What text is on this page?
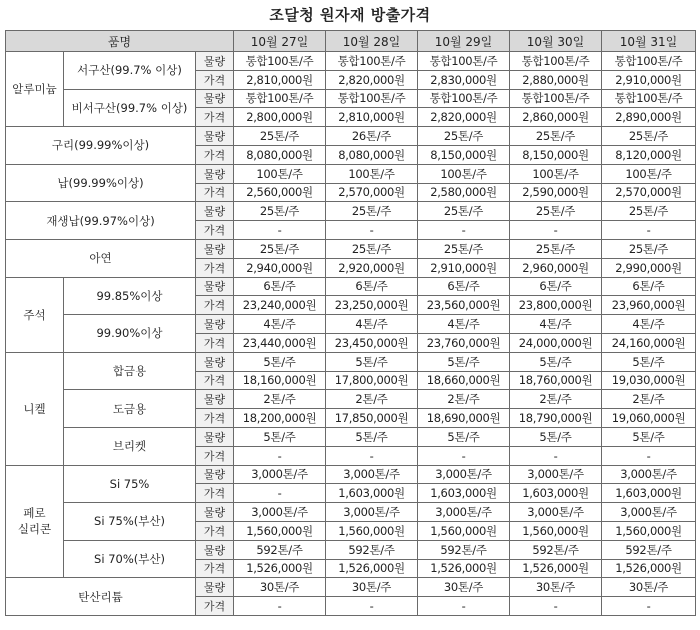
조달청 원자재 방출가격
품명			10월 27일	10월 28일	10월 29일	10월 30일	10월 31일
알루미늄	서구산(99.7% 이상)	물량	통합100톤/주	통합100톤/주	통합100톤/주	통합100톤/주	통합100톤/주
		가격	2,810,000원	2,820,000원	2,830,000원	2,880,000원	2,910,000원
	비서구산(99.7% 이상)	물량	통합100톤/주	통합100톤/주	통합100톤/주	통합100톤/주	통합100톤/주
		가격	2,800,000원	2,810,000원	2,820,000원	2,860,000원	2,890,000원
구리(99.99%이상)		물량	25톤/주	26톤/주	25톤/주	25톤/주	25톤/주
		가격	8,080,000원	8,080,000원	8,150,000원	8,150,000원	8,120,000원
납(99.99%이상)		물량	100톤/주	100톤/주	100톤/주	100톤/주	100톤/주
		가격	2,560,000원	2,570,000원	2,580,000원	2,590,000원	2,570,000원
재생납(99.97%이상)		물량	25톤/주	25톤/주	25톤/주	25톤/주	25톤/주
		가격	-	-	-	-	-
아연		물량	25톤/주	25톤/주	25톤/주	25톤/주	25톤/주
		가격	2,940,000원	2,920,000원	2,910,000원	2,960,000원	2,990,000원
주석	99.85%이상	물량	6톤/주	6톤/주	6톤/주	6톤/주	6톤/주
		가격	23,240,000원	23,250,000원	23,560,000원	23,800,000원	23,960,000원
	99.90%이상	물량	4톤/주	4톤/주	4톤/주	4톤/주	4톤/주
		가격	23,440,000원	23,450,000원	23,760,000원	24,000,000원	24,160,000원
니켈	합금용	물량	5톤/주	5톤/주	5톤/주	5톤/주	5톤/주
		가격	18,160,000원	17,800,000원	18,660,000원	18,760,000원	19,030,000원
	도금용	물량	2톤/주	2톤/주	2톤/주	2톤/주	2톤/주
		가격	18,200,000원	17,850,000원	18,690,000원	18,790,000원	19,060,000원
	브리켓	물량	5톤/주	5톤/주	5톤/주	5톤/주	5톤/주
		가격	-	-	-	-	-
페로
실리콘	Si 75%	물량	3,000톤/주	3,000톤/주	3,000톤/주	3,000톤/주	3,000톤/주
		가격	-	1,603,000원	1,603,000원	1,603,000원	1,603,000원
	Si 75%(부산)	물량	3,000톤/주	3,000톤/주	3,000톤/주	3,000톤/주	3,000톤/주
		가격	1,560,000원	1,560,000원	1,560,000원	1,560,000원	1,560,000원
	Si 70%(부산)	물량	592톤/주	592톤/주	592톤/주	592톤/주	592톤/주
		가격	1,526,000원	1,526,000원	1,526,000원	1,526,000원	1,526,000원
탄산리튬		물량	30톤/주	30톤/주	30톤/주	30톤/주	30톤/주
		가격	-	-	-	-	-
